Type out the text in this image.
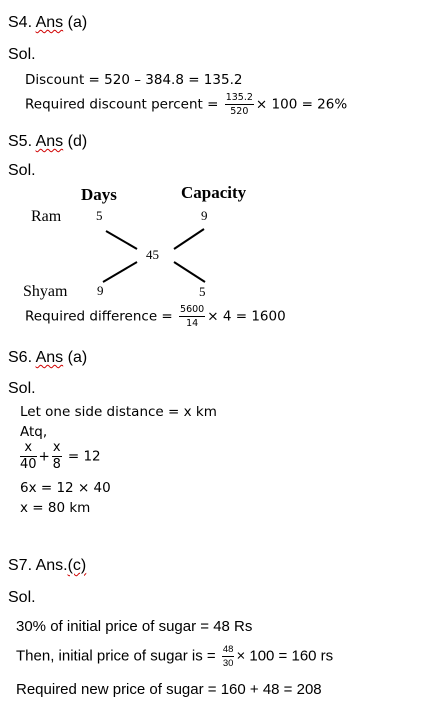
S4. Ans (a)
Sol.
Discount = 520 – 384.8 = 135.2
Required discount percent = $\frac{135.2}{520} \times 100 = 26\%$
S5. Ans (d)
Sol.
Days	Capacity
Ram	5	9
45
Shyam 9	5
Required difference = $\frac{5600}{14} \times 4 = 1600$
S6. Ans (a)
Sol.
Let one side distance = x km
Atq,
$\frac{x}{40} + \frac{x}{8} = 12$
6x = 12 × 40
x = 80 km
S7. Ans.(c)
Sol.
30% of initial price of sugar = 48 Rs
Then, initial price of sugar is = $\frac{48}{30} \times 100 = 160$ rs
Required new price of sugar = 160 + 48 = 208
